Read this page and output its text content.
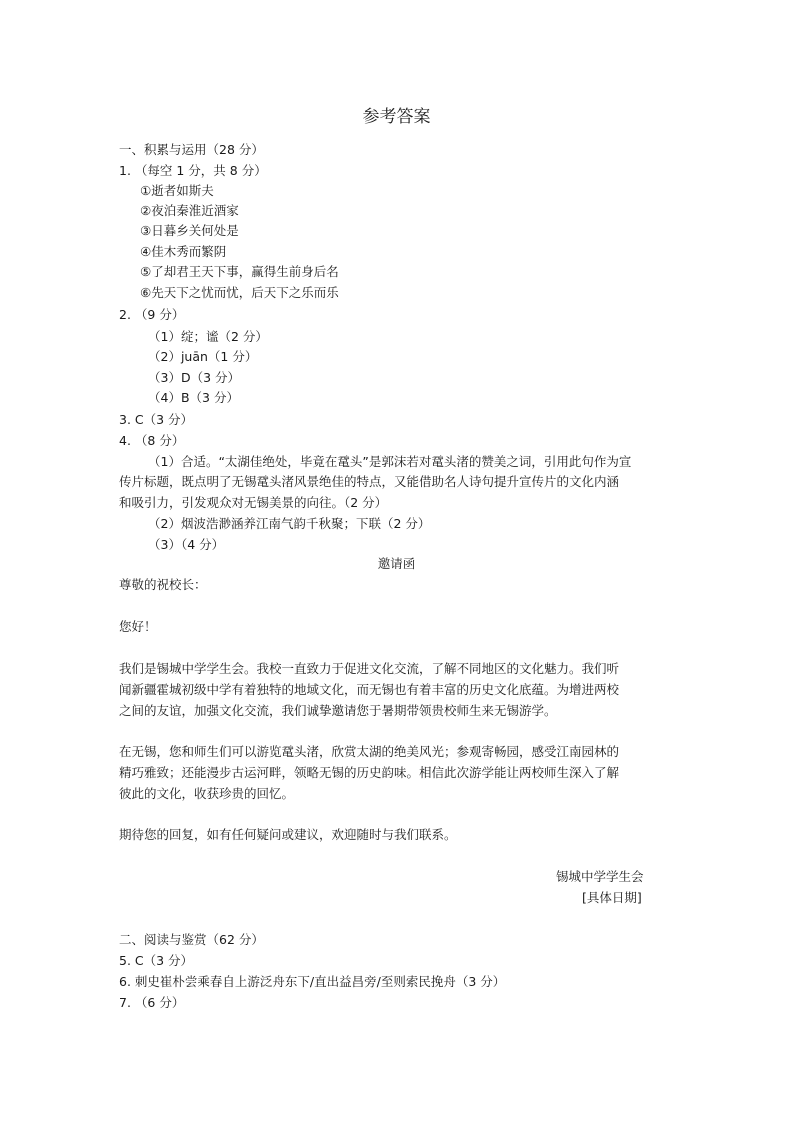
参考答案
一、积累与运用（28 分）
1. （每空 1 分，共 8 分）
①逝者如斯夫
②夜泊秦淮近酒家
③日暮乡关何处是
④佳木秀而繁阴
⑤了却君王天下事，赢得生前身后名
⑥先天下之忧而忧，后天下之乐而乐
2. （9 分）
（1）绽；谧（2 分）
（2）juān（1 分）
（3）D（3 分）
（4）B（3 分）
3. C（3 分）
4. （8 分）
（1）合适。“太湖佳绝处，毕竟在鼋头”是郭沫若对鼋头渚的赞美之词，引用此句作为宣
传片标题，既点明了无锡鼋头渚风景绝佳的特点，又能借助名人诗句提升宣传片的文化内涵
和吸引力，引发观众对无锡美景的向往。（2 分）
（2）烟波浩渺涵养江南气韵千秋聚；下联（2 分）
（3）（4 分）
邀请函
尊敬的祝校长：
您好！
我们是锡城中学学生会。我校一直致力于促进文化交流，了解不同地区的文化魅力。我们听
闻新疆霍城初级中学有着独特的地域文化，而无锡也有着丰富的历史文化底蕴。为增进两校
之间的友谊，加强文化交流，我们诚挚邀请您于暑期带领贵校师生来无锡游学。
在无锡，您和师生们可以游览鼋头渚，欣赏太湖的绝美风光；参观寄畅园，感受江南园林的
精巧雅致；还能漫步古运河畔，领略无锡的历史韵味。相信此次游学能让两校师生深入了解
彼此的文化，收获珍贵的回忆。
期待您的回复，如有任何疑问或建议，欢迎随时与我们联系。
锡城中学学生会
[具体日期]
二、阅读与鉴赏（62 分）
5. C（3 分）
6. 刺史崔朴尝乘春自上游泛舟东下/直出益昌旁/至则索民挽舟（3 分）
7. （6 分）
